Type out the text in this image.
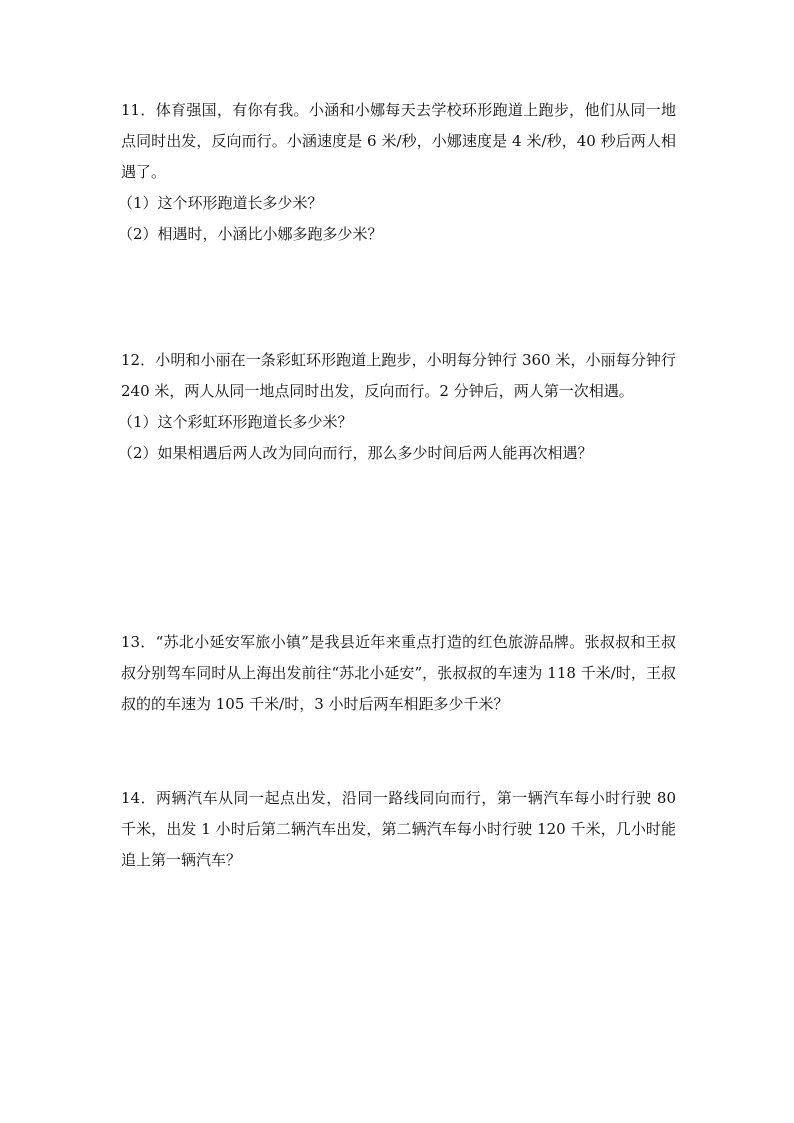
11．体育强国，有你有我。小涵和小娜每天去学校环形跑道上跑步，他们从同一地点同时出发，反向而行。小涵速度是 6 米/秒，小娜速度是 4 米/秒，40 秒后两人相遇了。

（1）这个环形跑道长多少米？
（2）相遇时，小涵比小娜多跑多少米？

12．小明和小丽在一条彩虹环形跑道上跑步，小明每分钟行 360 米，小丽每分钟行 240 米，两人从同一地点同时出发，反向而行。2 分钟后，两人第一次相遇。

（1）这个彩虹环形跑道长多少米？
（2）如果相遇后两人改为同向而行，那么多少时间后两人能再次相遇？

13．“苏北小延安军旅小镇”是我县近年来重点打造的红色旅游品牌。张叔叔和王叔叔分别驾车同时从上海出发前往“苏北小延安”，张叔叔的车速为 118 千米/时，王叔叔的的车速为 105 千米/时，3 小时后两车相距多少千米？

14．两辆汽车从同一起点出发，沿同一路线同向而行，第一辆汽车每小时行驶 80 千米，出发 1 小时后第二辆汽车出发，第二辆汽车每小时行驶 120 千米，几小时能追上第一辆汽车？
